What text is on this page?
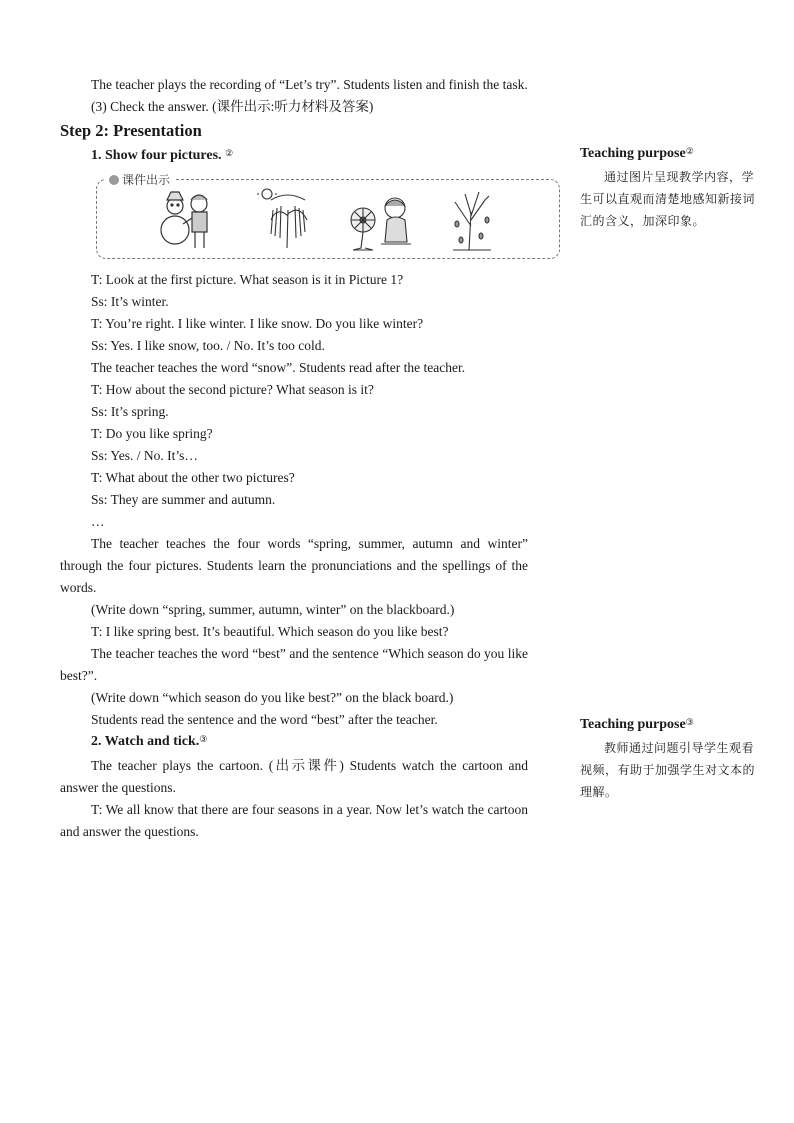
The teacher plays the recording of “Let’s try”. Students listen and finish the task.

(3) Check the answer. (课件出示:听力材料及答案)

Step 2: Presentation
1. Show four pictures. ②
课件出示

T: Look at the first picture. What season is it in Picture 1?

Ss: It’s winter.

T: You’re right. I like winter. I like snow. Do you like winter?

Ss: Yes. I like snow, too. / No. It’s too cold.

The teacher teaches the word “snow”. Students read after the teacher.

T: How about the second picture? What season is it?

Ss: It’s spring.

T: Do you like spring?

Ss: Yes. / No. It’s…

T: What about the other two pictures?

Ss: They are summer and autumn.

…

The teacher teaches the four words “spring, summer, autumn and winter” through the four pictures. Students learn the pronunciations and the spellings of the words.

(Write down “spring, summer, autumn, winter” on the blackboard.)

T: I like spring best. It’s beautiful. Which season do you like best?

The teacher teaches the word “best” and the sentence “Which season do you like best?”.

(Write down “which season do you like best?” on the black board.)

Students read the sentence and the word “best” after the teacher.

2. Watch and tick.③

The teacher plays the cartoon. (出示课件) Students watch the cartoon and answer the questions.

T: We all know that there are four seasons in a year. Now let’s watch the cartoon and answer the questions.

Teaching purpose②
通过图片呈现教学内容，学生可以直观而清楚地感知新接词汇的含义，加深印象。
Teaching purpose③
教师通过问题引导学生观看视频，有助于加强学生对文本的理解。
